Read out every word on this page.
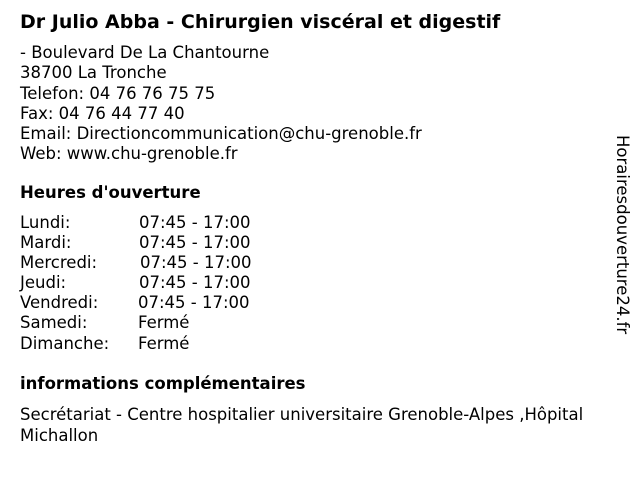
Dr Julio Abba - Chirurgien viscéral et digestif
- Boulevard De La Chantourne
38700 La Tronche
Telefon: 04 76 76 75 75
Fax: 04 76 44 77 40
Email: Directioncommunication@chu-grenoble.fr
Web: www.chu-grenoble.fr
Heures d'ouverture
Lundi:	07:45 - 17:00
Mardi:	07:45 - 17:00
Mercredi:	07:45 - 17:00
Jeudi:	07:45 - 17:00
Vendredi: 07:45 - 17:00
Samedi:	Fermé
Dimanche: Fermé
informations complémentaires
Secrétariat - Centre hospitalier universitaire Grenoble-Alpes ,Hôpital Michallon
Horairesdouverture24.fr
